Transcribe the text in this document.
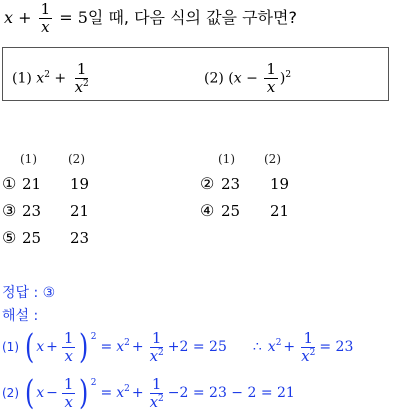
$x + \frac{1}{x} = 5$일 때, 다음 식의 값을 구하면?
(1) $x^2 + \frac{1}{x^2}$	(2) $(x - \frac{1}{x} )^2$
(1)	(2)	(1) (2)
① 21 19	② 23 19
③ 23 21	④ 25 21
⑤ 25 23
정답 : ③
해설 :
(1) ( $x + \frac{1}{x} )^2$
= $x^2 + \frac{1}{x^2} +2 = 25$ ∴ $x^2 + \frac{1}{x^2} = 23$
(2) ( $x - \frac{1}{x} )^2$
= $x^2 + \frac{1}{x^2} -2 = 23 - 2 = 21$
